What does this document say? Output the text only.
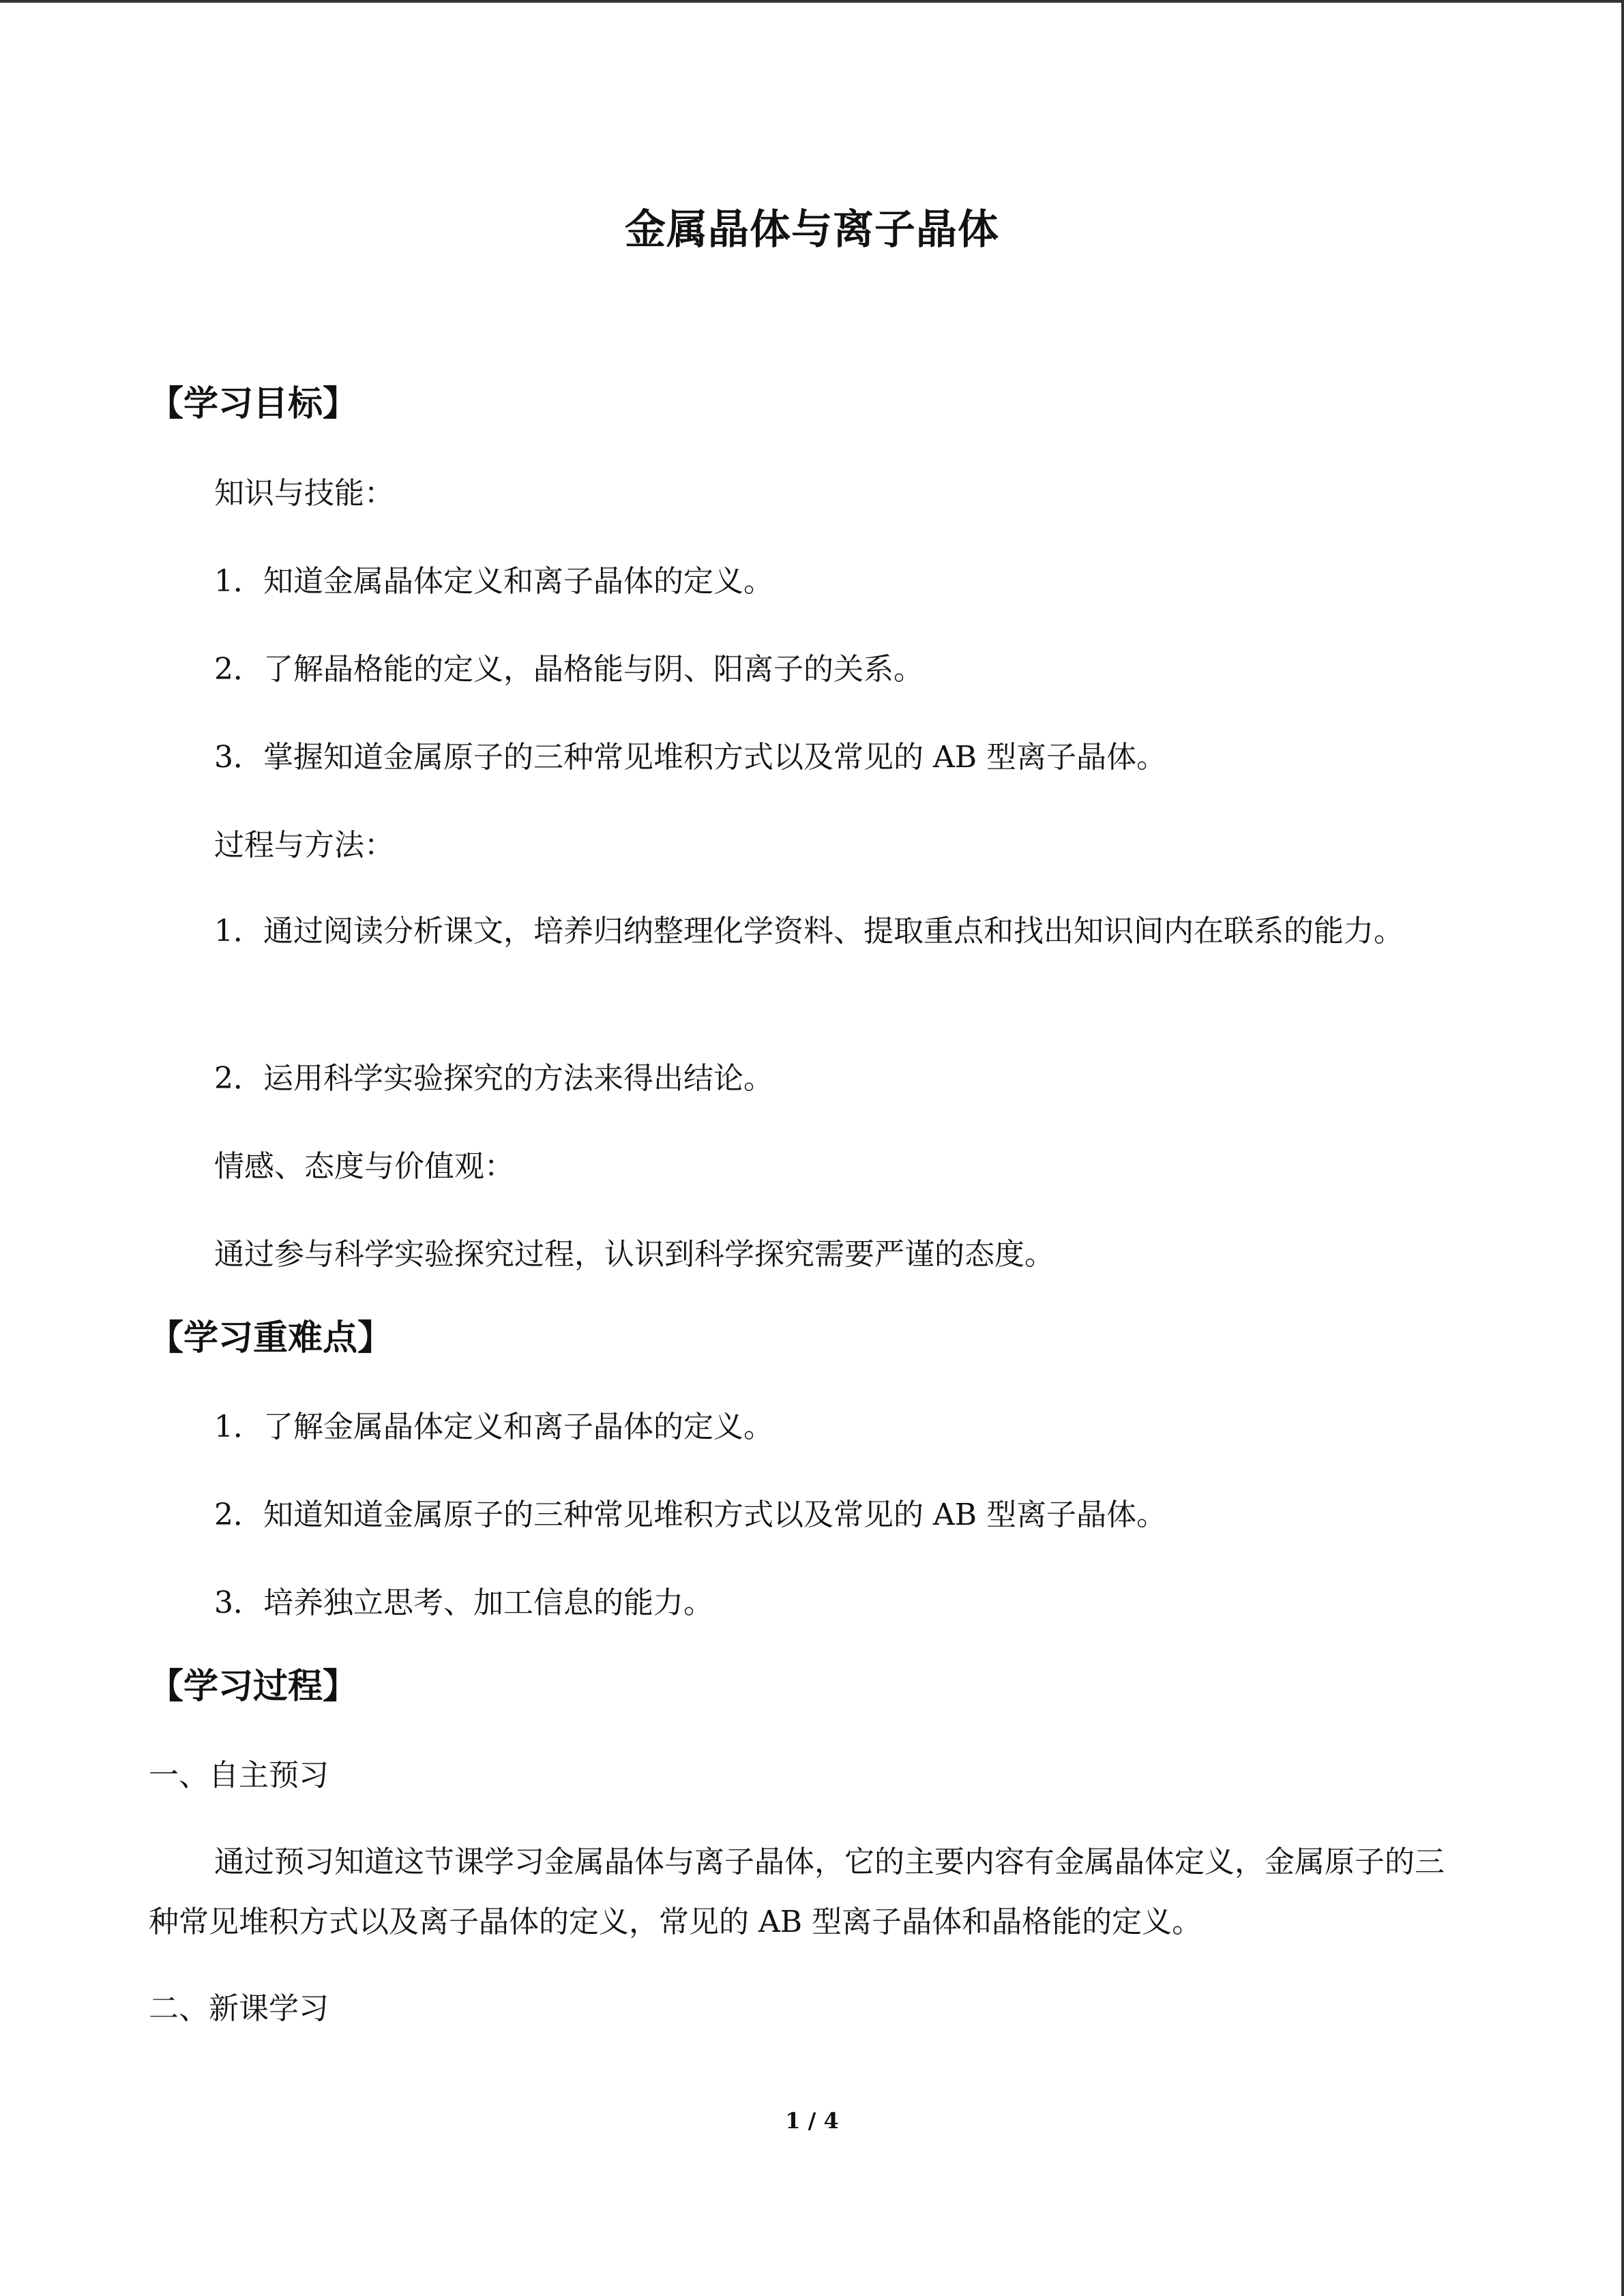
金属晶体与离子晶体
【学习目标】
知识与技能：
1．知道金属晶体定义和离子晶体的定义。
2．了解晶格能的定义，晶格能与阴、阳离子的关系。
3．掌握知道金属原子的三种常见堆积方式以及常见的 AB 型离子晶体。
过程与方法：
1．通过阅读分析课文，培养归纳整理化学资料、提取重点和找出知识间内在联系的能力。
2．运用科学实验探究的方法来得出结论。
情感、态度与价值观：
通过参与科学实验探究过程，认识到科学探究需要严谨的态度。
【学习重难点】
1．了解金属晶体定义和离子晶体的定义。
2．知道知道金属原子的三种常见堆积方式以及常见的 AB 型离子晶体。
3．培养独立思考、加工信息的能力。
【学习过程】
一、自主预习
通过预习知道这节课学习金属晶体与离子晶体，它的主要内容有金属晶体定义，金属原子的三种常见堆积方式以及离子晶体的定义，常见的 AB 型离子晶体和晶格能的定义。
二、新课学习
1 / 4
